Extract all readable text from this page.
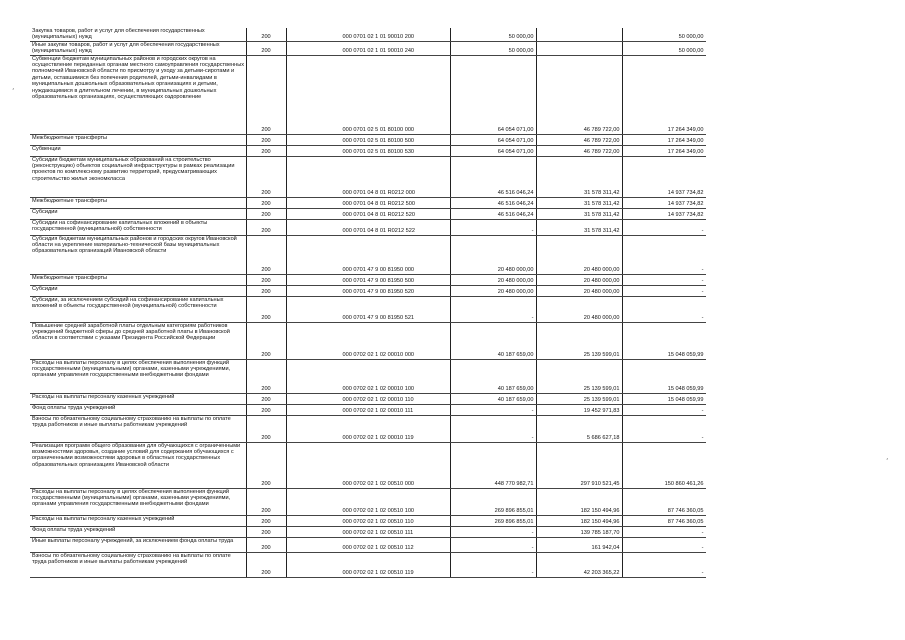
Закупка товаров, работ и услуг для обеспечения государственных (муниципальных) нужд	200	000 0701 02 1 01 90010 200	50 000,00		50 000,00
Иные закупки товаров, работ и услуг для обеспечения государственных (муниципальных) нужд	200	000 0701 02 1 01 90010 240	50 000,00		50 000,00
Субвенции бюджетам муниципальных районов и городских округов на осуществление переданных органам местного самоуправления государственных полномочий Ивановской области по присмотру и уходу за детьми-сиротами и детьми, оставшимися без попечения родителей, детьми-инвалидами в муниципальных дошкольных образовательных организациях и детьми, нуждающимися в длительном лечении, в муниципальных дошкольных образовательных организациях, осуществляющих оздоровление	200	000 0701 02 5 01 80100 000	64 054 071,00	46 789 722,00	17 264 349,00
Межбюджетные трансферты	200	000 0701 02 5 01 80100 500	64 054 071,00	46 789 722,00	17 264 349,00
Субвенции	200	000 0701 02 5 01 80100 530	64 054 071,00	46 789 722,00	17 264 349,00
Субсидии бюджетам муниципальных образований на строительство (реконструкцию) объектов социальной инфраструктуры в рамках реализации проектов по комплексному развитию территорий, предусматривающих строительство жилья экономкласса	200	000 0701 04 8 01 R0212 000	46 516 046,24	31 578 311,42	14 937 734,82
Межбюджетные трансферты	200	000 0701 04 8 01 R0212 500	46 516 046,24	31 578 311,42	14 937 734,82
Субсидии	200	000 0701 04 8 01 R0212 520	46 516 046,24	31 578 311,42	14 937 734,82
Субсидии на софинансирование капитальных вложений в объекты государственной (муниципальной) собственности	200	000 0701 04 8 01 R0212 522	-	31 578 311,42	-
Субсидия бюджетам муниципальных районов и городских округов Ивановской области на укрепление материально-технической базы муниципальных образовательных организаций Ивановской области	200	000 0701 47 9 00 81950 000	20 480 000,00	20 480 000,00	-
Межбюджетные трансферты	200	000 0701 47 9 00 81950 500	20 480 000,00	20 480 000,00	-
Субсидии	200	000 0701 47 9 00 81950 520	20 480 000,00	20 480 000,00	-
Субсидии, за исключением субсидий на софинансирование капитальных вложений в объекты государственной (муниципальной) собственности	200	000 0701 47 9 00 81950 521	-	20 480 000,00	-
Повышение средней заработной платы отдельным категориям работников учреждений бюджетной сферы до средней заработной платы в Ивановской области в соответствии с указами Президента Российской Федерации	200	000 0702 02 1 02 00010 000	40 187 659,00	25 139 599,01	15 048 059,99
Расходы на выплаты персоналу в целях обеспечения выполнения функций государственными (муниципальными) органами, казенными учреждениями, органами управления государственными внебюджетными фондами	200	000 0702 02 1 02 00010 100	40 187 659,00	25 139 599,01	15 048 059,99
Расходы на выплаты персоналу казенных учреждений	200	000 0702 02 1 02 00010 110	40 187 659,00	25 139 599,01	15 048 059,99
Фонд оплаты труда учреждений	200	000 0702 02 1 02 00010 111	-	19 452 971,83	-
Взносы по обязательному социальному страхованию на выплаты по оплате труда работников и иные выплаты работникам учреждений	200	000 0702 02 1 02 00010 119	-	5 686 627,18	-
Реализация программ общего образования для обучающихся с ограниченными возможностями здоровья, создание условий для содержания обучающихся с ограниченными возможностями здоровья в областных государственных образовательных организациях Ивановской области	200	000 0702 02 1 02 00510 000	448 770 982,71	297 910 521,45	150 860 461,26
Расходы на выплаты персоналу в целях обеспечения выполнения функций государственными (муниципальными) органами, казенными учреждениями, органами управления государственными внебюджетными фондами	200	000 0702 02 1 02 00510 100	269 896 855,01	182 150 494,96	87 746 360,05
Расходы на выплаты персоналу казенных учреждений	200	000 0702 02 1 02 00510 110	269 896 855,01	182 150 494,96	87 746 360,05
Фонд оплаты труда учреждений	200	000 0702 02 1 02 00510 111	-	139 785 187,70	-
Иные выплаты персоналу учреждений, за исключением фонда оплаты труда	200	000 0702 02 1 02 00510 112	-	161 942,04	-
Взносы по обязательному социальному страхованию на выплаты по оплате труда работников и иные выплаты работникам учреждений	200	000 0702 02 1 02 00510 119	-	42 203 365,22	-
,
,
